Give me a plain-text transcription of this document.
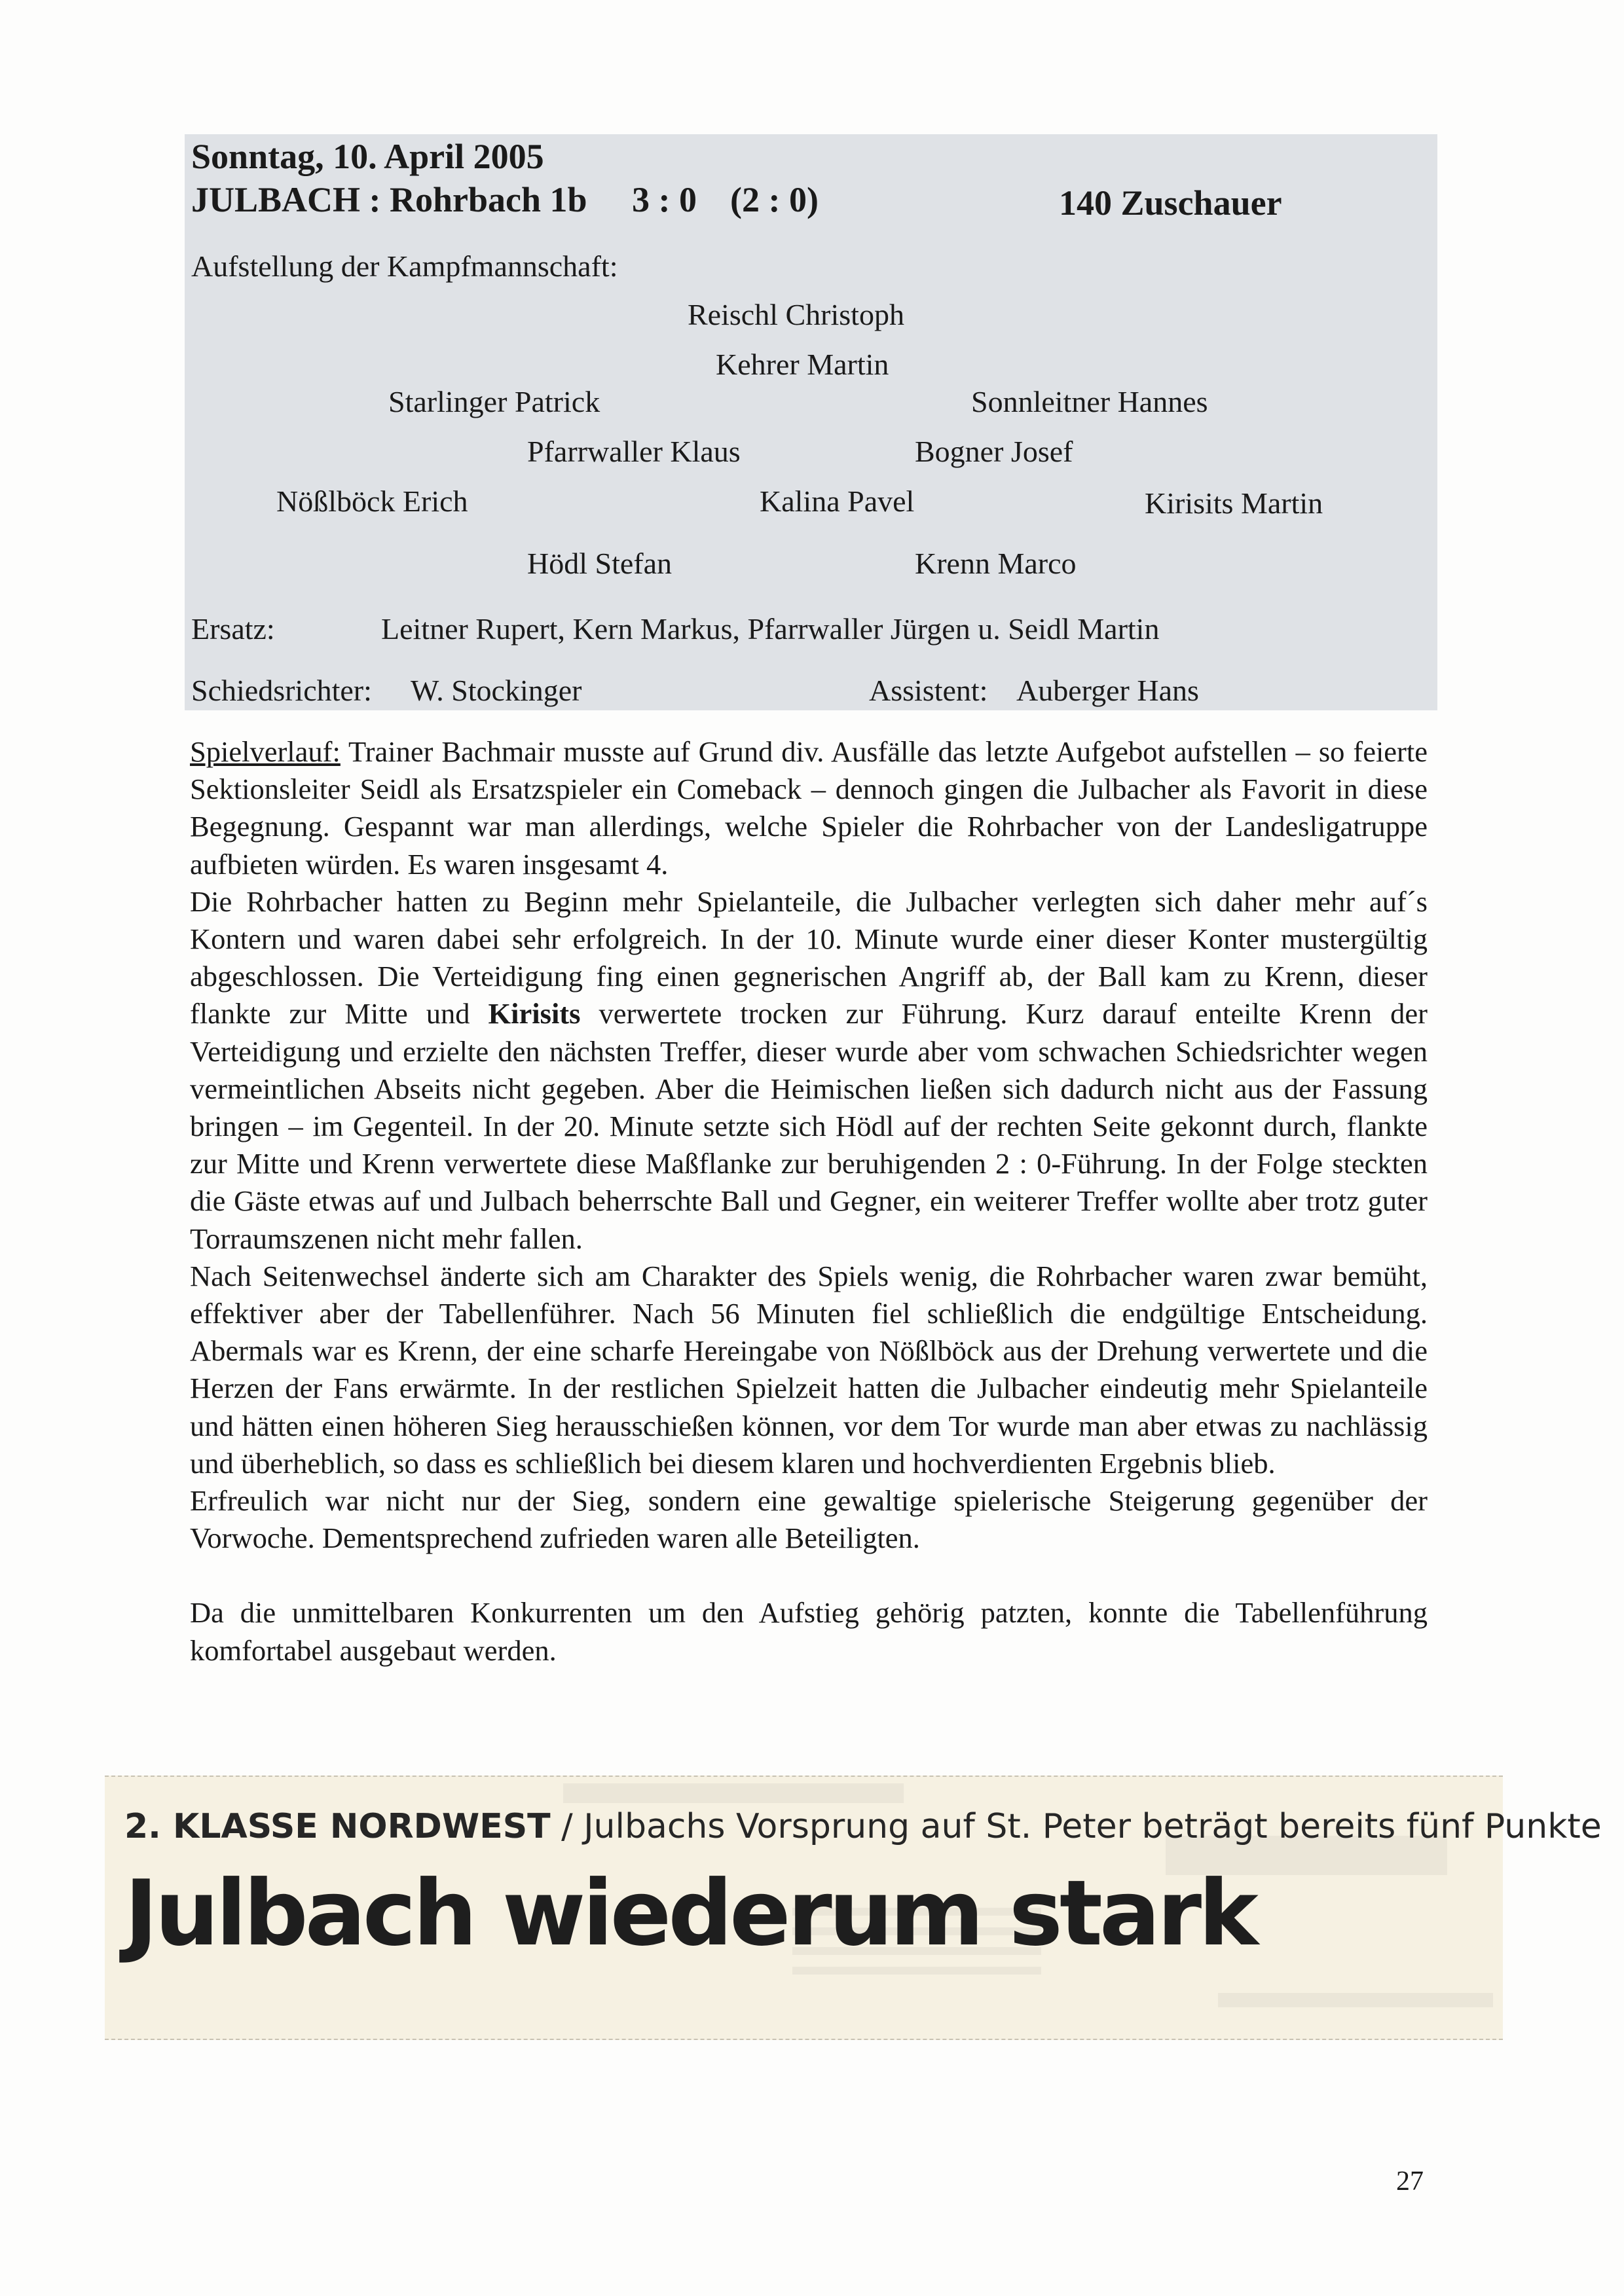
Sonntag, 10. April 2005
JULBACH : Rohrbach 1b 3 : 0 (2 : 0)	140 Zuschauer
Aufstellung der Kampfmannschaft:
Reischl Christoph
Kehrer Martin
Starlinger Patrick	Sonnleitner Hannes
Pfarrwaller Klaus	Bogner Josef
Nößlböck Erich	Kalina Pavel	Kirisits Martin
Hödl Stefan	Krenn Marco
Ersatz:	Leitner Rupert, Kern Markus, Pfarrwaller Jürgen u. Seidl Martin
Schiedsrichter: W. Stockinger	Assistent: Auberger Hans

Spielverlauf: Trainer Bachmair musste auf Grund div. Ausfälle das letzte Aufgebot aufstellen – so feierte Sektionsleiter Seidl als Ersatzspieler ein Comeback – dennoch gingen die Julbacher als Favorit in diese Begegnung. Gespannt war man allerdings, welche Spieler die Rohrbacher von der Landesligatruppe aufbieten würden. Es waren insgesamt 4.

Die Rohrbacher hatten zu Beginn mehr Spielanteile, die Julbacher verlegten sich daher mehr auf´s Kontern und waren dabei sehr erfolgreich. In der 10. Minute wurde einer dieser Konter mustergültig abgeschlossen. Die Verteidigung fing einen gegnerischen Angriff ab, der Ball kam zu Krenn, dieser flankte zur Mitte und Kirisits verwertete trocken zur Führung. Kurz darauf enteilte Krenn der Verteidigung und erzielte den nächsten Treffer, dieser wurde aber vom schwachen Schiedsrichter wegen vermeintlichen Abseits nicht gegeben. Aber die Heimischen ließen sich dadurch nicht aus der Fassung bringen – im Gegenteil. In der 20. Minute setzte sich Hödl auf der rechten Seite gekonnt durch, flankte zur Mitte und Krenn verwertete diese Maßflanke zur beruhigenden 2 : 0-Führung. In der Folge steckten die Gäste etwas auf und Julbach beherrschte Ball und Gegner, ein weiterer Treffer wollte aber trotz guter Torraumszenen nicht mehr fallen.

Nach Seitenwechsel änderte sich am Charakter des Spiels wenig, die Rohrbacher waren zwar bemüht, effektiver aber der Tabellenführer. Nach 56 Minuten fiel schließlich die endgültige Entscheidung. Abermals war es Krenn, der eine scharfe Hereingabe von Nößlböck aus der Drehung verwertete und die Herzen der Fans erwärmte. In der restlichen Spielzeit hatten die Julbacher eindeutig mehr Spielanteile und hätten einen höheren Sieg herausschießen können, vor dem Tor wurde man aber etwas zu nachlässig und überheblich, so dass es schließlich bei diesem klaren und hochverdienten Ergebnis blieb.

Erfreulich war nicht nur der Sieg, sondern eine gewaltige spielerische Steigerung gegenüber der Vorwoche. Dementsprechend zufrieden waren alle Beteiligten.

Da die unmittelbaren Konkurrenten um den Aufstieg gehörig patzten, konnte die Tabellenführung komfortabel ausgebaut werden.

2. KLASSE NORDWEST / Julbachs Vorsprung auf St. Peter beträgt bereits fünf Punkte
Julbach wiederum stark
27
